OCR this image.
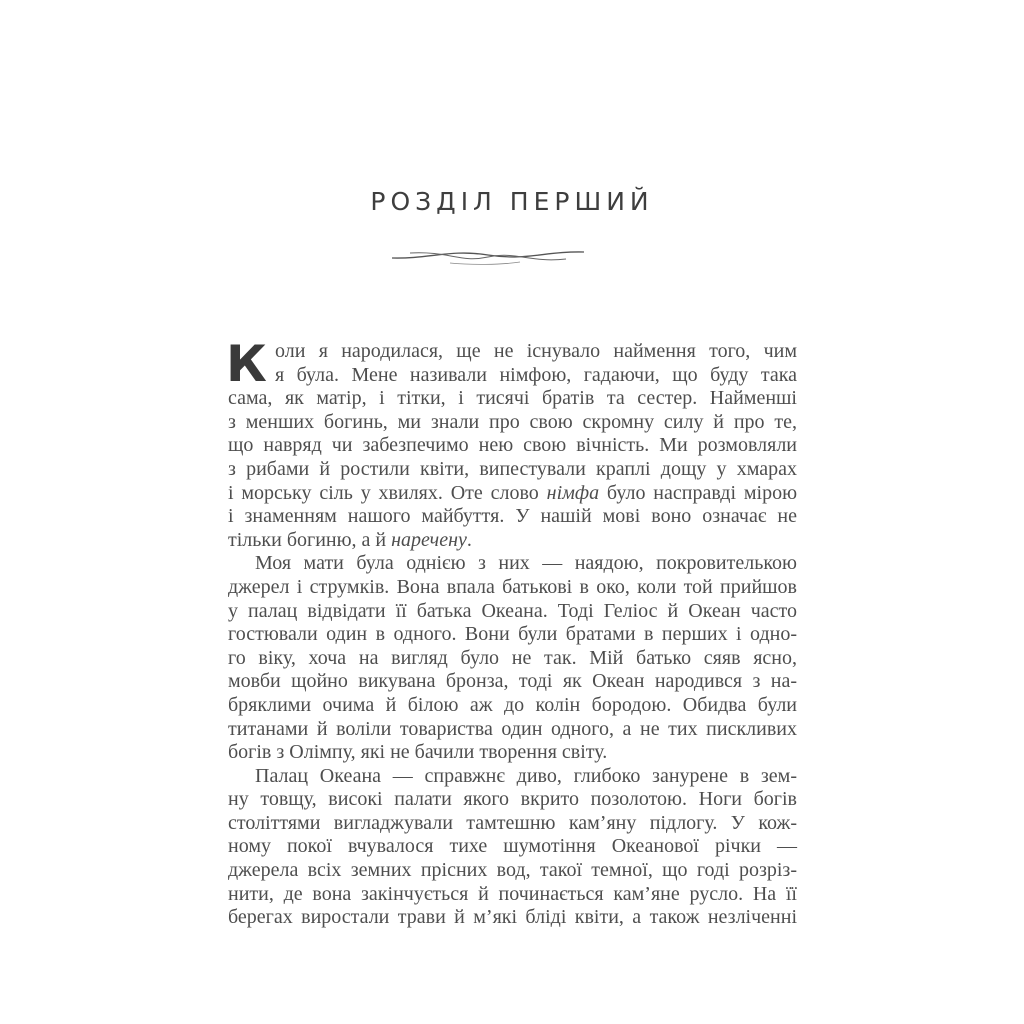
РОЗДІЛ ПЕРШИЙ
К оли я народилася, ще не існувало наймення того, чим
я була. Мене називали німфою, гадаючи, що буду така
сама, як матір, і тітки, і тисячі братів та сестер. Найменші
з менших богинь, ми знали про свою скромну силу й про те,
що навряд чи забезпечимо нею свою вічність. Ми розмовляли
з рибами й ростили квіти, випестували краплі дощу у хмарах
і морську сіль у хвилях. Оте слово німфа було насправді мірою
і знаменням нашого майбуття. У нашій мові воно означає не
тільки богиню, а й наречену.
Моя мати була однією з них — наядою, покровителькою
джерел і струмків. Вона впала батькові в око, коли той прийшов
у палац відвідати її батька Океана. Тоді Геліос й Океан часто
гостювали один в одного. Вони були братами в перших і одно-
го віку, хоча на вигляд було не так. Мій батько сяяв ясно,
мовби щойно викувана бронза, тоді як Океан народився з на-
бряклими очима й білою аж до колін бородою. Обидва були
титанами й воліли товариства один одного, а не тих пискливих
богів з Олімпу, які не бачили творення світу.
Палац Океана — справжнє диво, глибоко занурене в зем-
ну товщу, високі палати якого вкрито позолотою. Ноги богів
століттями вигладжували тамтешню кам’яну підлогу. У кож-
ному покої вчувалося тихе шумотіння Океанової річки —
джерела всіх земних прісних вод, такої темної, що годі розріз-
нити, де вона закінчується й починається кам’яне русло. На її
берегах виростали трави й м’які бліді квіти, а також незліченні
